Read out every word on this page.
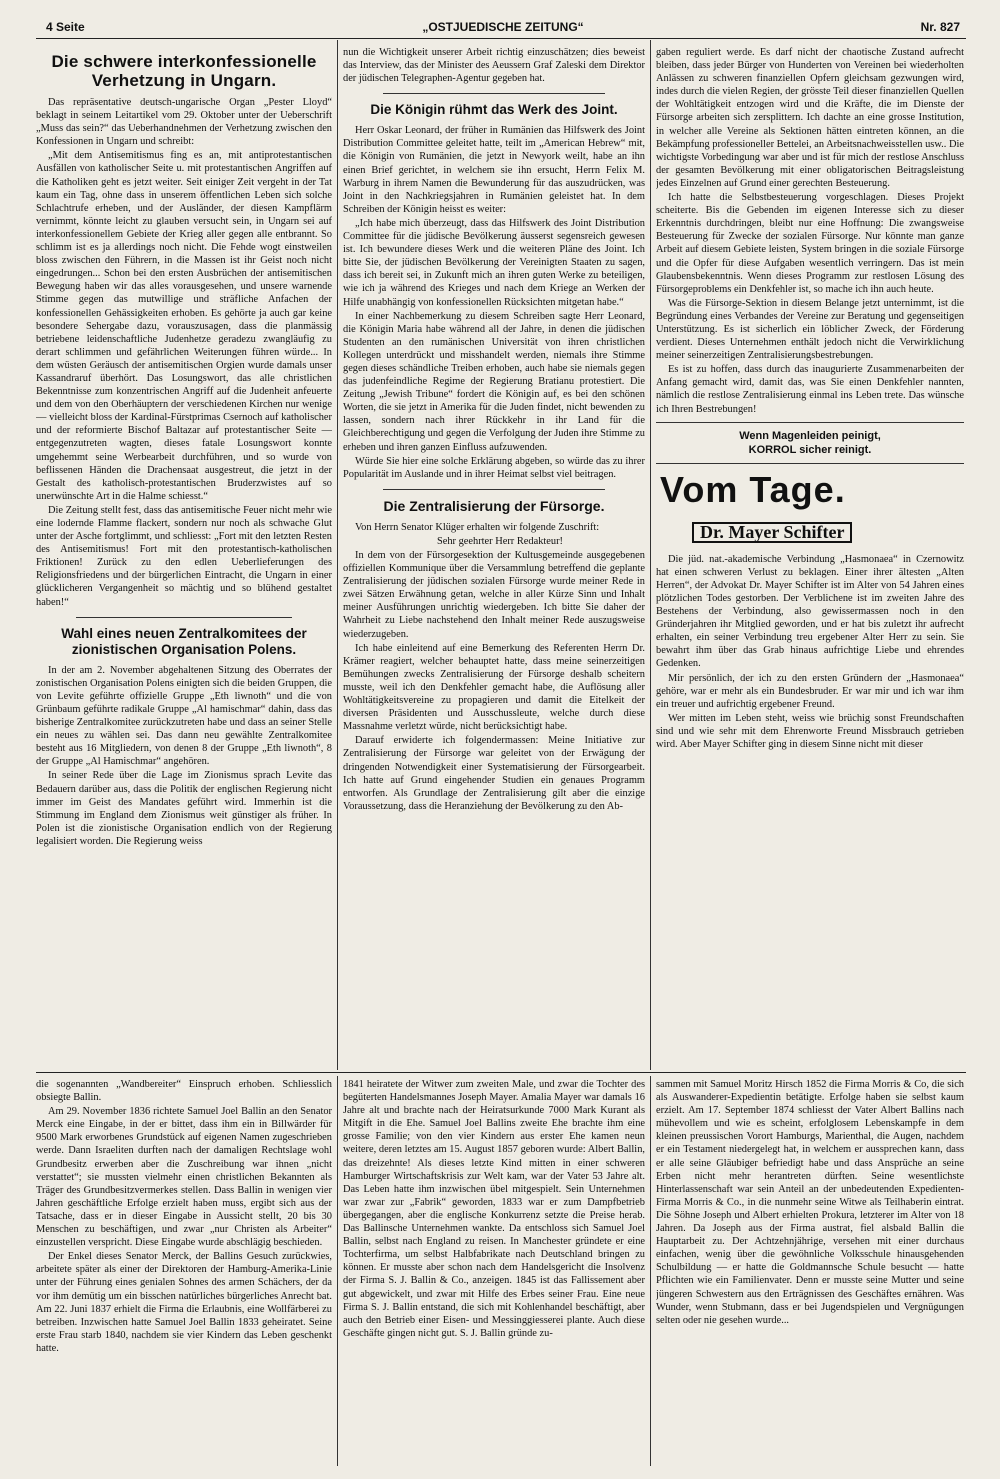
4 Seite	„OSTJUEDISCHE ZEITUNG“	Nr. 827
Die schwere interkonfessionelle Verhetzung in Ungarn.

Das repräsentative deutsch-ungarische Organ „Pester Lloyd“ beklagt in seinem Leitartikel vom 29. Oktober unter der Ueberschrift „Muss das sein?“ das Ueberhandnehmen der Verhetzung zwischen den Konfessionen in Ungarn und schreibt:

„Mit dem Antisemitismus fing es an, mit antiprotestantischen Ausfällen von katholischer Seite u. mit protestantischen Angriffen auf die Katholiken geht es jetzt weiter. Seit einiger Zeit vergeht in der Tat kaum ein Tag, ohne dass in unserem öffentlichen Leben sich solche Schlachtrufe erheben, und der Ausländer, der diesen Kampflärm vernimmt, könnte leicht zu glauben versucht sein, in Ungarn sei auf interkonfessionellem Gebiete der Krieg aller gegen alle entbrannt. So schlimm ist es ja allerdings noch nicht. Die Fehde wogt einstweilen bloss zwischen den Führern, in die Massen ist ihr Geist noch nicht eingedrungen... Schon bei den ersten Ausbrüchen der antisemitischen Bewegung haben wir das alles vorausgesehen, und unsere warnende Stimme gegen das mutwillige und sträfliche Anfachen der konfessionellen Gehässigkeiten erhoben. Es gehörte ja auch gar keine besondere Sehergabe dazu, vorauszusagen, dass die planmässig betriebene leidenschaftliche Judenhetze geradezu zwangläufig zu derart schlimmen und gefährlichen Weiterungen führen würde... In dem wüsten Geräusch der antisemitischen Orgien wurde damals unser Kassandraruf überhört. Das Losungswort, das alle christlichen Bekenntnisse zum konzentrischen Angriff auf die Judenheit anfeuerte und dem von den Oberhäuptern der verschiedenen Kirchen nur wenige — vielleicht bloss der Kardinal-Fürstprimas Csernoch auf katholischer und der reformierte Bischof Baltazar auf protestantischer Seite — entgegenzutreten wagten, dieses fatale Losungswort konnte umgehemmt seine Werbearbeit durchführen, und so wurde von beflissenen Händen die Drachensaat ausgestreut, die jetzt in der Gestalt des katholisch-protestantischen Bruderzwistes auf so unerwünschte Art in die Halme schiesst.“

Die Zeitung stellt fest, dass das antisemitische Feuer nicht mehr wie eine lodernde Flamme flackert, sondern nur noch als schwache Glut unter der Asche fortglimmt, und schliesst: „Fort mit den letzten Resten des Antisemitismus! Fort mit den protestantisch-katholischen Friktionen! Zurück zu den edlen Ueberlieferungen des Religionsfriedens und der bürgerlichen Eintracht, die Ungarn in einer glücklicheren Vergangenheit so mächtig und so blühend gestaltet haben!“

Wahl eines neuen Zentralkomitees der zionistischen Organisation Polens.

In der am 2. November abgehaltenen Sitzung des Oberrates der zonistischen Organisation Polens einigten sich die beiden Gruppen, die von Levite geführte offizielle Gruppe „Eth liwnoth“ und die von Grünbaum geführte radikale Gruppe „Al hamischmar“ dahin, dass das bisherige Zentralkomitee zurückzutreten habe und dass an seiner Stelle ein neues zu wählen sei. Das dann neu gewählte Zentralkomitee besteht aus 16 Mitgliedern, von denen 8 der Gruppe „Eth liwnoth“, 8 der Gruppe „Al Hamischmar“ angehören.

In seiner Rede über die Lage im Zionismus sprach Levite das Bedauern darüber aus, dass die Politik der englischen Regierung nicht immer im Geist des Mandates geführt wird. Immerhin ist die Stimmung im England dem Zionismus weit günstiger als früher. In Polen ist die zionistische Organisation endlich von der Regierung legalisiert worden. Die Regierung weiss

nun die Wichtigkeit unserer Arbeit richtig einzuschätzen; dies beweist das Interview, das der Minister des Aeussern Graf Zaleski dem Direktor der jüdischen Telegraphen-Agentur gegeben hat.

Die Königin rühmt das Werk des Joint.

Herr Oskar Leonard, der früher in Rumänien das Hilfswerk des Joint Distribution Committee geleitet hatte, teilt im „American Hebrew“ mit, die Königin von Rumänien, die jetzt in Newyork weilt, habe an ihn einen Brief gerichtet, in welchem sie ihn ersucht, Herrn Felix M. Warburg in ihrem Namen die Bewunderung für das auszudrücken, was Joint in den Nachkriegsjahren in Rumänien geleistet hat. In dem Schreiben der Königin heisst es weiter:

„Ich habe mich überzeugt, dass das Hilfswerk des Joint Distribution Committee für die jüdische Bevölkerung äusserst segensreich gewesen ist. Ich bewundere dieses Werk und die weiteren Pläne des Joint. Ich bitte Sie, der jüdischen Bevölkerung der Vereinigten Staaten zu sagen, dass ich bereit sei, in Zukunft mich an ihren guten Werke zu beteiligen, wie ich ja während des Krieges und nach dem Kriege an Werken der Hilfe unabhängig von konfessionellen Rücksichten mitgetan habe.“

In einer Nachbemerkung zu diesem Schreiben sagte Herr Leonard, die Königin Maria habe während all der Jahre, in denen die jüdischen Studenten an den rumänischen Universität von ihren christlichen Kollegen unterdrückt und misshandelt werden, niemals ihre Stimme gegen dieses schändliche Treiben erhoben, auch habe sie niemals gegen das judenfeindliche Regime der Regierung Bratianu protestiert. Die Zeitung „Jewish Tribune“ fordert die Königin auf, es bei den schönen Worten, die sie jetzt in Amerika für die Juden findet, nicht bewenden zu lassen, sondern nach ihrer Rückkehr in ihr Land für die Gleichberechtigung und gegen die Verfolgung der Juden ihre Stimme zu erheben und ihren ganzen Einfluss aufzuwenden.

Würde Sie hier eine solche Erklärung abgeben, so würde das zu ihrer Popularität im Auslande und in ihrer Heimat selbst viel beitragen.

Die Zentralisierung der Fürsorge.

Von Herrn Senator Klüger erhalten wir folgende Zuschrift:

Sehr geehrter Herr Redakteur!

In dem von der Fürsorgesektion der Kultusgemeinde ausgegebenen offiziellen Kommunique über die Versammlung betreffend die geplante Zentralisierung der jüdischen sozialen Fürsorge wurde meiner Rede in zwei Sätzen Erwähnung getan, welche in aller Kürze Sinn und Inhalt meiner Ausführungen unrichtig wiedergeben. Ich bitte Sie daher der Wahrheit zu Liebe nachstehend den Inhalt meiner Rede auszugsweise wiederzugeben.

Ich habe einleitend auf eine Bemerkung des Referenten Herrn Dr. Krämer reagiert, welcher behauptet hatte, dass meine seinerzeitigen Bemühungen zwecks Zentralisierung der Fürsorge deshalb scheitern musste, weil ich den Denkfehler gemacht habe, die Auflösung aller Wohltätigkeitsvereine zu propagieren und damit die Eitelkeit der diversen Präsidenten und Ausschussleute, welche durch diese Massnahme verletzt würde, nicht berücksichtigt habe.

Darauf erwiderte ich folgendermassen: Meine Initiative zur Zentralisierung der Fürsorge war geleitet von der Erwägung der dringenden Notwendigkeit einer Systematisierung der Fürsorgearbeit. Ich hatte auf Grund eingehender Studien ein genaues Programm entworfen. Als Grundlage der Zentralisierung gilt aber die einzige Voraussetzung, dass die Heranziehung der Bevölkerung zu den Ab-

gaben reguliert werde. Es darf nicht der chaotische Zustand aufrecht bleiben, dass jeder Bürger von Hunderten von Vereinen bei wiederholten Anlässen zu schweren finanziellen Opfern gleichsam gezwungen wird, indes durch die vielen Regien, der grösste Teil dieser finanziellen Quellen der Wohltätigkeit entzogen wird und die Kräfte, die im Dienste der Fürsorge arbeiten sich zersplittern. Ich dachte an eine grosse Institution, in welcher alle Vereine als Sektionen hätten eintreten können, an die Bekämpfung professioneller Bettelei, an Arbeitsnachweisstellen usw.. Die wichtigste Vorbedingung war aber und ist für mich der restlose Anschluss der gesamten Bevölkerung mit einer obligatorischen Beitragsleistung jedes Einzelnen auf Grund einer gerechten Besteuerung.

Ich hatte die Selbstbesteuerung vorgeschlagen. Dieses Projekt scheiterte. Bis die Gebenden im eigenen Interesse sich zu dieser Erkenntnis durchdringen, bleibt nur eine Hoffnung: Die zwangsweise Besteuerung für Zwecke der sozialen Fürsorge. Nur könnte man ganze Arbeit auf diesem Gebiete leisten, System bringen in die soziale Fürsorge und die Opfer für diese Aufgaben wesentlich verringern. Das ist mein Glaubensbekenntnis. Wenn dieses Programm zur restlosen Lösung des Fürsorgeproblems ein Denkfehler ist, so mache ich ihn auch heute.

Was die Fürsorge-Sektion in diesem Belange jetzt unternimmt, ist die Begründung eines Verbandes der Vereine zur Beratung und gegenseitigen Unterstützung. Es ist sicherlich ein löblicher Zweck, der Förderung verdient. Dieses Unternehmen enthält jedoch nicht die Verwirklichung meiner seinerzeitigen Zentralisierungsbestrebungen.

Es ist zu hoffen, dass durch das inaugurierte Zusammenarbeiten der Anfang gemacht wird, damit das, was Sie einen Denkfehler nannten, nämlich die restlose Zentralisierung einmal ins Leben trete. Das wünsche ich Ihren Bestrebungen!

Wenn Magenleiden peinigt,
KORROL sicher reinigt.
Vom Tage.
Dr. Mayer Schifter

Die jüd. nat.-akademische Verbindung „Hasmonaea“ in Czernowitz hat einen schweren Verlust zu beklagen. Einer ihrer ältesten „Alten Herren“, der Advokat Dr. Mayer Schifter ist im Alter von 54 Jahren eines plötzlichen Todes gestorben. Der Verblichene ist im zweiten Jahre des Bestehens der Verbindung, also gewissermassen noch in den Gründerjahren ihr Mitglied geworden, und er hat bis zuletzt ihr aufrecht erhalten, ein seiner Verbindung treu ergebener Alter Herr zu sein. Sie bewahrt ihm über das Grab hinaus aufrichtige Liebe und ehrendes Gedenken.

Mir persönlich, der ich zu den ersten Gründern der „Hasmonaea“ gehöre, war er mehr als ein Bundesbruder. Er war mir und ich war ihm ein treuer und aufrichtig ergebener Freund.

Wer mitten im Leben steht, weiss wie brüchig sonst Freundschaften sind und wie sehr mit dem Ehrenworte Freund Missbrauch getrieben wird. Aber Mayer Schifter ging in diesem Sinne nicht mit dieser

die sogenannten „Wandbereiter“ Einspruch erhoben. Schliesslich obsiegte Ballin.

Am 29. November 1836 richtete Samuel Joel Ballin an den Senator Merck eine Eingabe, in der er bittet, dass ihm ein in Billwärder für 9500 Mark erworbenes Grundstück auf eigenen Namen zugeschrieben werde. Dann Israeliten durften nach der damaligen Rechtslage wohl Grundbesitz erwerben aber die Zuschreibung war ihnen „nicht verstattet“; sie mussten vielmehr einen christlichen Bekannten als Träger des Grundbesitzvermerkes stellen. Dass Ballin in wenigen vier Jahren geschäftliche Erfolge erzielt haben muss, ergibt sich aus der Tatsache, dass er in dieser Eingabe in Aussicht stellt, 20 bis 30 Menschen zu beschäftigen, und zwar „nur Christen als Arbeiter“ einzustellen verspricht. Diese Eingabe wurde abschlägig beschieden.

Der Enkel dieses Senator Merck, der Ballins Gesuch zurückwies, arbeitete später als einer der Direktoren der Hamburg-Amerika-Linie unter der Führung eines genialen Sohnes des armen Schächers, der da vor ihm demütig um ein bisschen natürliches bürgerliches Anrecht bat. Am 22. Juni 1837 erhielt die Firma die Erlaubnis, eine Wollfärberei zu betreiben. Inzwischen hatte Samuel Joel Ballin 1833 geheiratet. Seine erste Frau starb 1840, nachdem sie vier Kindern das Leben geschenkt hatte.

1841 heiratete der Witwer zum zweiten Male, und zwar die Tochter des begüterten Handelsmannes Joseph Mayer. Amalia Mayer war damals 16 Jahre alt und brachte nach der Heiratsurkunde 7000 Mark Kurant als Mitgift in die Ehe. Samuel Joel Ballins zweite Ehe brachte ihm eine grosse Familie; von den vier Kindern aus erster Ehe kamen neun weitere, deren letztes am 15. August 1857 geboren wurde: Albert Ballin, das dreizehnte! Als dieses letzte Kind mitten in einer schweren Hamburger Wirtschaftskrisis zur Welt kam, war der Vater 53 Jahre alt. Das Leben hatte ihm inzwischen übel mitgespielt. Sein Unternehmen war zwar zur „Fabrik“ geworden, 1833 war er zum Dampfbetrieb übergegangen, aber die englische Konkurrenz setzte die Preise herab. Das Ballinsche Unternehmen wankte. Da entschloss sich Samuel Joel Ballin, selbst nach England zu reisen. In Manchester gründete er eine Tochterfirma, um selbst Halbfabrikate nach Deutschland bringen zu können. Er musste aber schon nach dem Handelsgericht die Insolvenz der Firma S. J. Ballin & Co., anzeigen. 1845 ist das Fallissement aber gut abgewickelt, und zwar mit Hilfe des Erbes seiner Frau. Eine neue Firma S. J. Ballin entstand, die sich mit Kohlenhandel beschäftigt, aber auch den Betrieb einer Eisen- und Messinggiesserei plante. Auch diese Geschäfte gingen nicht gut. S. J. Ballin gründe zu-

sammen mit Samuel Moritz Hirsch 1852 die Firma Morris & Co, die sich als Auswanderer-Expedientin betätigte. Erfolge haben sie selbst kaum erzielt. Am 17. September 1874 schliesst der Vater Albert Ballins nach mühevollem und wie es scheint, erfolglosem Lebenskampfe in dem kleinen preussischen Vorort Hamburgs, Marienthal, die Augen, nachdem er ein Testament niedergelegt hat, in welchem er aussprechen kann, dass er alle seine Gläubiger befriedigt habe und dass Ansprüche an seine Erben nicht mehr herantreten dürften. Seine wesentlichste Hinterlassenschaft war sein Anteil an der unbedeutenden Expedienten-Firma Morris & Co., in die nunmehr seine Witwe als Teilhaberin eintrat. Die Söhne Joseph und Albert erhielten Prokura, letzterer im Alter von 18 Jahren. Da Joseph aus der Firma austrat, fiel alsbald Ballin die Hauptarbeit zu. Der Achtzehnjährige, versehen mit einer durchaus einfachen, wenig über die gewöhnliche Volksschule hinausgehenden Schulbildung — er hatte die Goldmannsche Schule besucht — hatte Pflichten wie ein Familienvater. Denn er musste seine Mutter und seine jüngeren Schwestern aus den Erträgnissen des Geschäftes ernähren. Was Wunder, wenn Stubmann, dass er bei Jugendspielen und Vergnügungen selten oder nie gesehen wurde...
